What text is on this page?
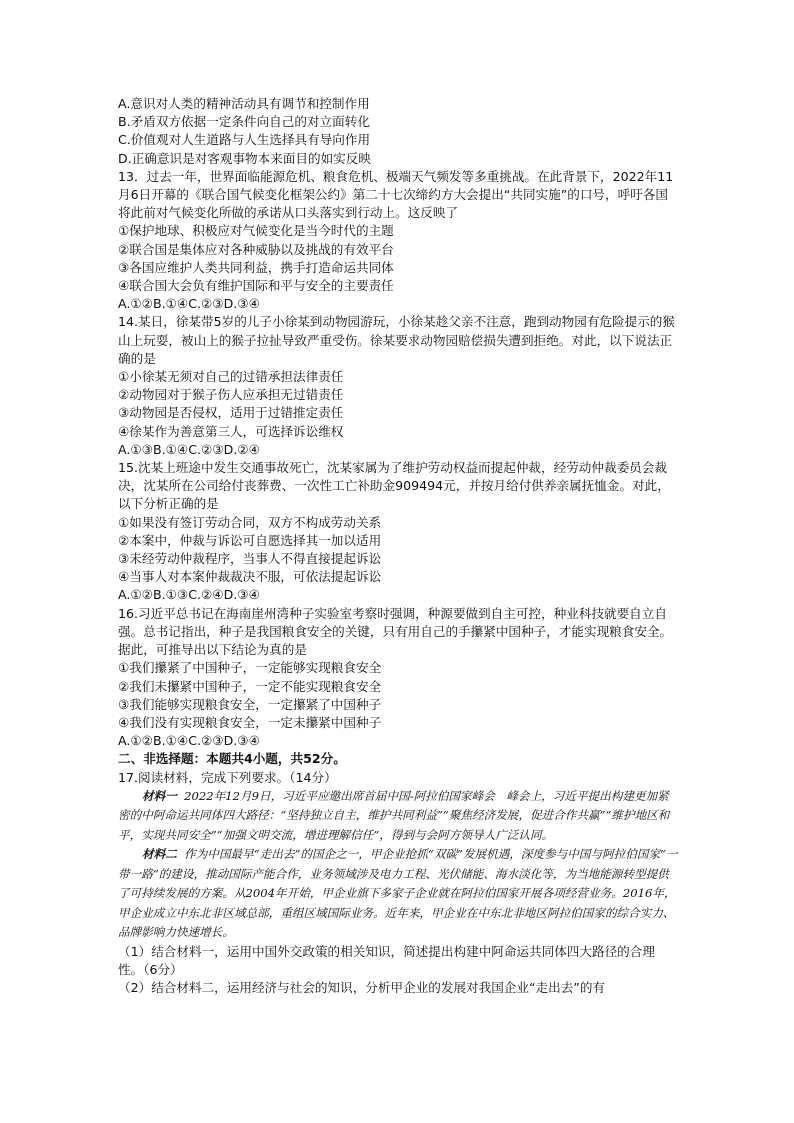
A.意识对人类的精神活动具有调节和控制作用
B.矛盾双方依据一定条件向自己的对立面转化
C.价值观对人生道路与人生选择具有导向作用
D.正确意识是对客观事物本来面目的如实反映
13．过去一年，世界面临能源危机、粮食危机、极端天气频发等多重挑战。在此背景下，2022年11月6日开幕的《联合国气候变化框架公约》第二十七次缔约方大会提出“共同实施”的口号，呼吁各国将此前对气候变化所做的承诺从口头落实到行动上。这反映了
①保护地球、积极应对气候变化是当今时代的主题
②联合国是集体应对各种威胁以及挑战的有效平台
③各国应维护人类共同利益，携手打造命运共同体
④联合国大会负有维护国际和平与安全的主要责任
A.①②B.①④C.②③D.③④
14.某日，徐某带5岁的儿子小徐某到动物园游玩，小徐某趁父亲不注意，跑到动物园有危险提示的猴山上玩耍，被山上的猴子拉扯导致严重受伤。徐某要求动物园赔偿损失遭到拒绝。对此，以下说法正确的是
①小徐某无须对自己的过错承担法律责任
②动物园对于猴子伤人应承担无过错责任
③动物园是否侵权，适用于过错推定责任
④徐某作为善意第三人，可选择诉讼维权
A.①③B.①④C.②③D.②④
15.沈某上班途中发生交通事故死亡，沈某家属为了维护劳动权益而提起仲裁，经劳动仲裁委员会裁决，沈某所在公司给付丧葬费、一次性工亡补助金909494元，并按月给付供养亲属抚恤金。对此，以下分析正确的是
①如果没有签订劳动合同，双方不构成劳动关系
②本案中，仲裁与诉讼可自愿选择其一加以适用
③未经劳动仲裁程序，当事人不得直接提起诉讼
④当事人对本案仲裁裁决不服，可依法提起诉讼
A.①②B.①③C.②④D.③④
16.习近平总书记在海南崖州湾种子实验室考察时强调，种源要做到自主可控，种业科技就要自立自强。总书记指出，种子是我国粮食安全的关键，只有用自己的手攥紧中国种子，才能实现粮食安全。据此，可推导出以下结论为真的是
①我们攥紧了中国种子，一定能够实现粮食安全
②我们未攥紧中国种子，一定不能实现粮食安全
③我们能够实现粮食安全，一定攥紧了中国种子
④我们没有实现粮食安全，一定未攥紧中国种子
A.①②B.①④C.②③D.③④
二、非选择题：本题共4小题，共52分。
17.阅读材料，完成下列要求。（14分）
材料一 2022年12月9日，习近平应邀出席首届中国-阿拉伯国家峰会　峰会上，习近平提出构建更加紧密的中阿命运共同体四大路径：“坚持独立自主，维护共同利益”“聚焦经济发展，促进合作共赢”“维护地区和平，实现共同安全”“加强文明交流，增进理解信任”，得到与会阿方领导人广泛认同。
材料二 作为中国最早“走出去”的国企之一，甲企业抢抓“双碳”发展机遇，深度参与中国与阿拉伯国家“一带一路”的建设，推动国际产能合作，业务领域涉及电力工程、光伏储能、海水淡化等，为当地能源转型提供了可持续发展的方案。从2004年开始，甲企业旗下多家子企业就在阿拉伯国家开展各项经营业务。2016年，甲企业成立中东北非区域总部，重组区域国际业务。近年来，甲企业在中东北非地区阿拉伯国家的综合实力、品牌影响力快速增长。
（1）结合材料一，运用中国外交政策的相关知识，简述提出构建中阿命运共同体四大路径的合理性。（6分）
（2）结合材料二，运用经济与社会的知识，分析甲企业的发展对我国企业“走出去”的有
